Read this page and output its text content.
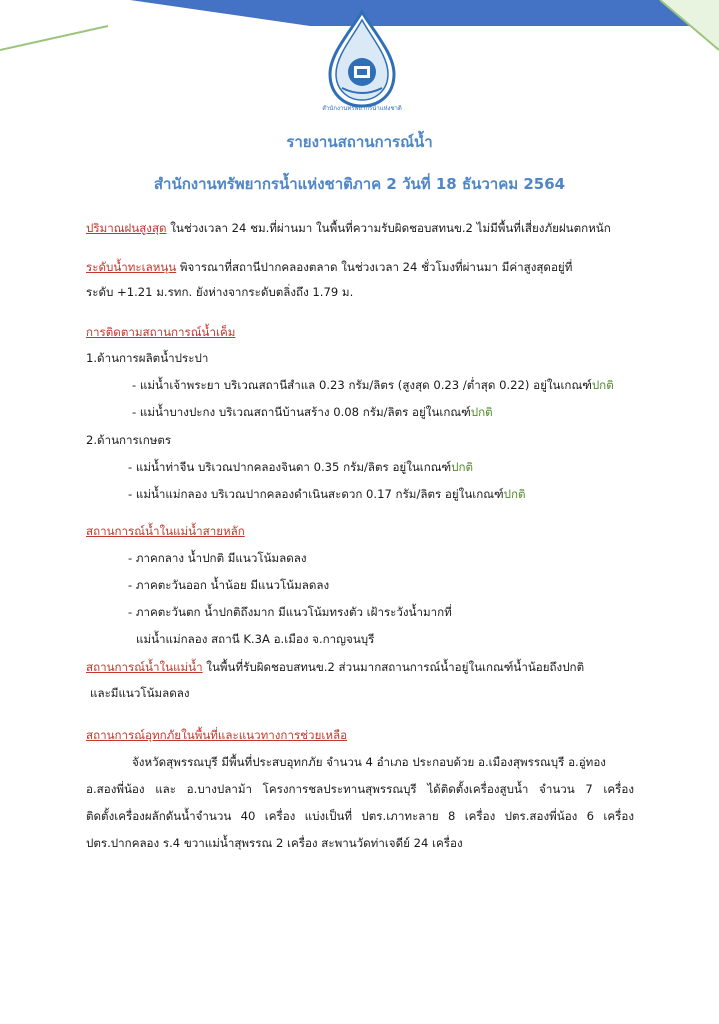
สำนักงานทรัพยากรน้ำแห่งชาติ
รายงานสถานการณ์น้ำ
สำนักงานทรัพยากรน้ำแห่งชาติภาค 2 วันที่ 18 ธันวาคม 2564
ปริมาณฝนสูงสุด ในช่วงเวลา 24 ชม.ที่ผ่านมา ในพื้นที่ความรับผิดชอบสทนข.2 ไม่มีพื้นที่เสี่ยงภัยฝนตกหนัก
ระดับน้ำทะเลหนุน พิจารณาที่สถานีปากคลองตลาด ในช่วงเวลา 24 ชั่วโมงที่ผ่านมา มีค่าสูงสุดอยู่ที่
ระดับ +1.21 ม.รทก. ยังห่างจากระดับตลิ่งถึง 1.79 ม.
การติดตามสถานการณ์น้ำเค็ม
1.ด้านการผลิตน้ำประปา
- แม่น้ำเจ้าพระยา บริเวณสถานีสำแล 0.23 กรัม/ลิตร (สูงสุด 0.23 /ต่ำสุด 0.22) อยู่ในเกณฑ์ปกติ
- แม่น้ำบางปะกง บริเวณสถานีบ้านสร้าง 0.08 กรัม/ลิตร อยู่ในเกณฑ์ปกติ
2.ด้านการเกษตร
- แม่น้ำท่าจีน บริเวณปากคลองจินดา 0.35 กรัม/ลิตร อยู่ในเกณฑ์ปกติ
- แม่น้ำแม่กลอง บริเวณปากคลองดำเนินสะดวก 0.17 กรัม/ลิตร อยู่ในเกณฑ์ปกติ
สถานการณ์น้ำในแม่น้ำสายหลัก
- ภาคกลาง น้ำปกติ มีแนวโน้มลดลง
- ภาคตะวันออก น้ำน้อย มีแนวโน้มลดลง
- ภาคตะวันตก น้ำปกติถึงมาก มีแนวโน้มทรงตัว เฝ้าระวังน้ำมากที่
แม่น้ำแม่กลอง สถานี K.3A อ.เมือง จ.กาญจนบุรี
สถานการณ์น้ำในแม่น้ำ ในพื้นที่รับผิดชอบสทนข.2 ส่วนมากสถานการณ์น้ำอยู่ในเกณฑ์น้ำน้อยถึงปกติ
และมีแนวโน้มลดลง
สถานการณ์อุทกภัยในพื้นที่และแนวทางการช่วยเหลือ
จังหวัดสุพรรณบุรี มีพื้นที่ประสบอุทกภัย จำนวน 4 อำเภอ ประกอบด้วย อ.เมืองสุพรรณบุรี อ.อู่ทอง
อ.สองพี่น้อง และ อ.บางปลาม้า โครงการชลประทานสุพรรณบุรี ได้ติดตั้งเครื่องสูบน้ำ จำนวน 7 เครื่อง
ติดตั้งเครื่องผลักดันน้ำจำนวน 40 เครื่อง แบ่งเป็นที่ ปตร.เภาทะลาย 8 เครื่อง ปตร.สองพี่น้อง 6 เครื่อง
ปตร.ปากคลอง ร.4 ขวาแม่น้ำสุพรรณ 2 เครื่อง สะพานวัดท่าเจดีย์ 24 เครื่อง
